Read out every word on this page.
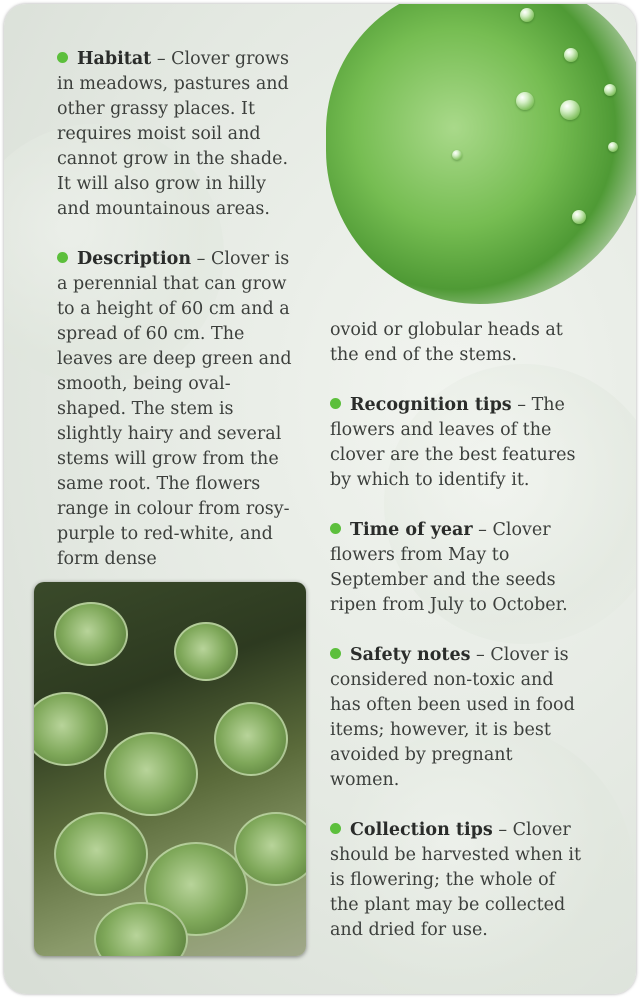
Habitat – Clover grows in meadows, pastures and other grassy places. It requires moist soil and cannot grow in the shade. It will also grow in hilly and mountainous areas.

Description – Clover is a perennial that can grow to a height of 60 cm and a spread of 60 cm. The leaves are deep green and smooth, being oval-shaped. The stem is slightly hairy and several stems will grow from the same root. The flowers range in colour from rosy-purple to red-white, and form dense

ovoid or globular heads at the end of the stems.

Recognition tips – The flowers and leaves of the clover are the best features by which to identify it.

Time of year – Clover flowers from May to September and the seeds ripen from July to October.

Safety notes – Clover is considered non-toxic and has often been used in food items; however, it is best avoided by pregnant women.

Collection tips – Clover should be harvested when it is flowering; the whole of the plant may be collected and dried for use.
